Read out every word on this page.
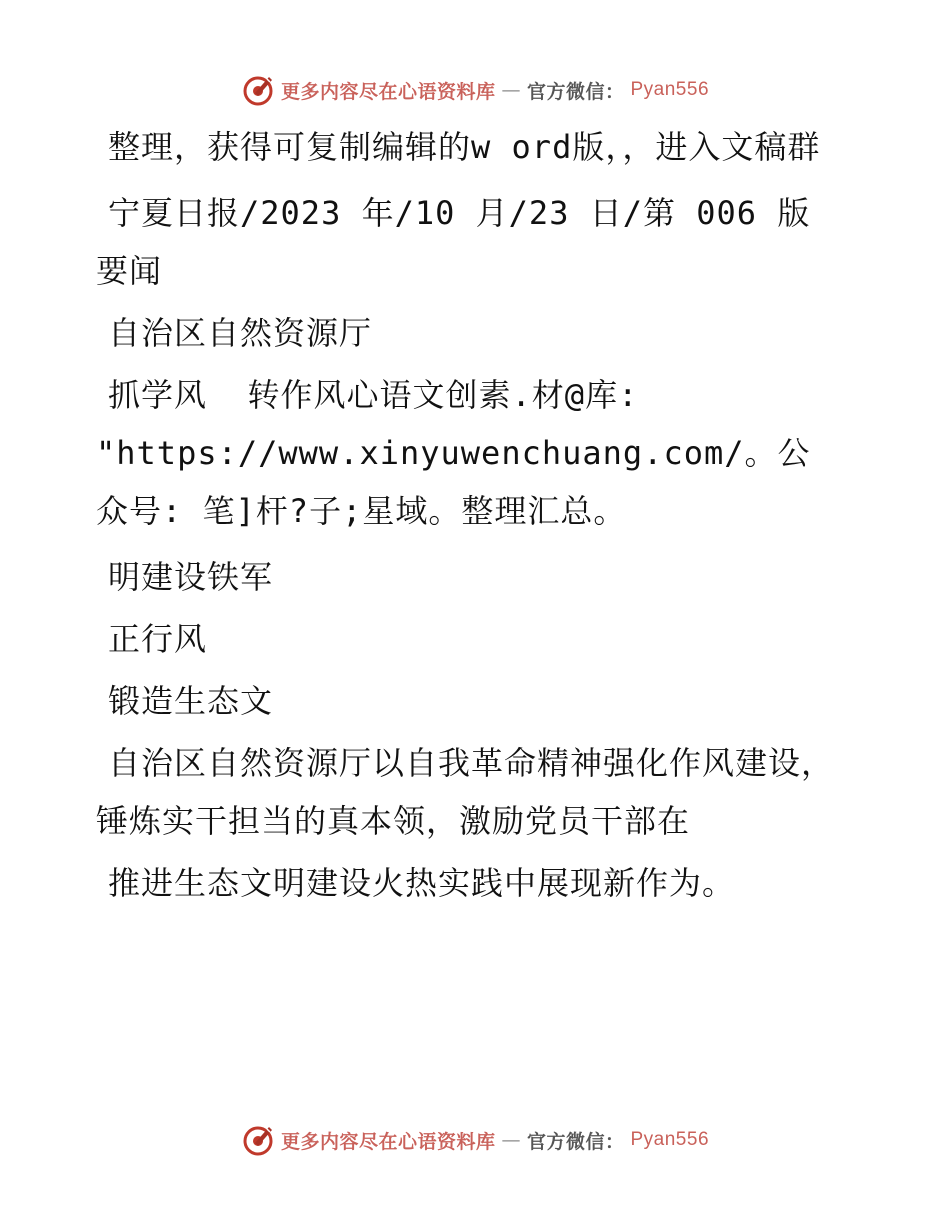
更多内容尽在心语资料库 — 官方微信： Pyan556

整理，获得可复制编辑的w ord版，，进入文稿群

宁夏日报/2023 年/10 月/23 日/第 006 版要闻

自治区自然资源厅

抓学风  转作风心语文创素.材@库: "https://www.xinyuwenchuang.com/。公众号: 笔]杆?子;星域。整理汇总。

明建设铁军

正行风

锻造生态文

自治区自然资源厅以自我革命精神强化作风建设，锤炼实干担当的真本领，激励党员干部在

推进生态文明建设火热实践中展现新作为。

更多内容尽在心语资料库 — 官方微信： Pyan556
